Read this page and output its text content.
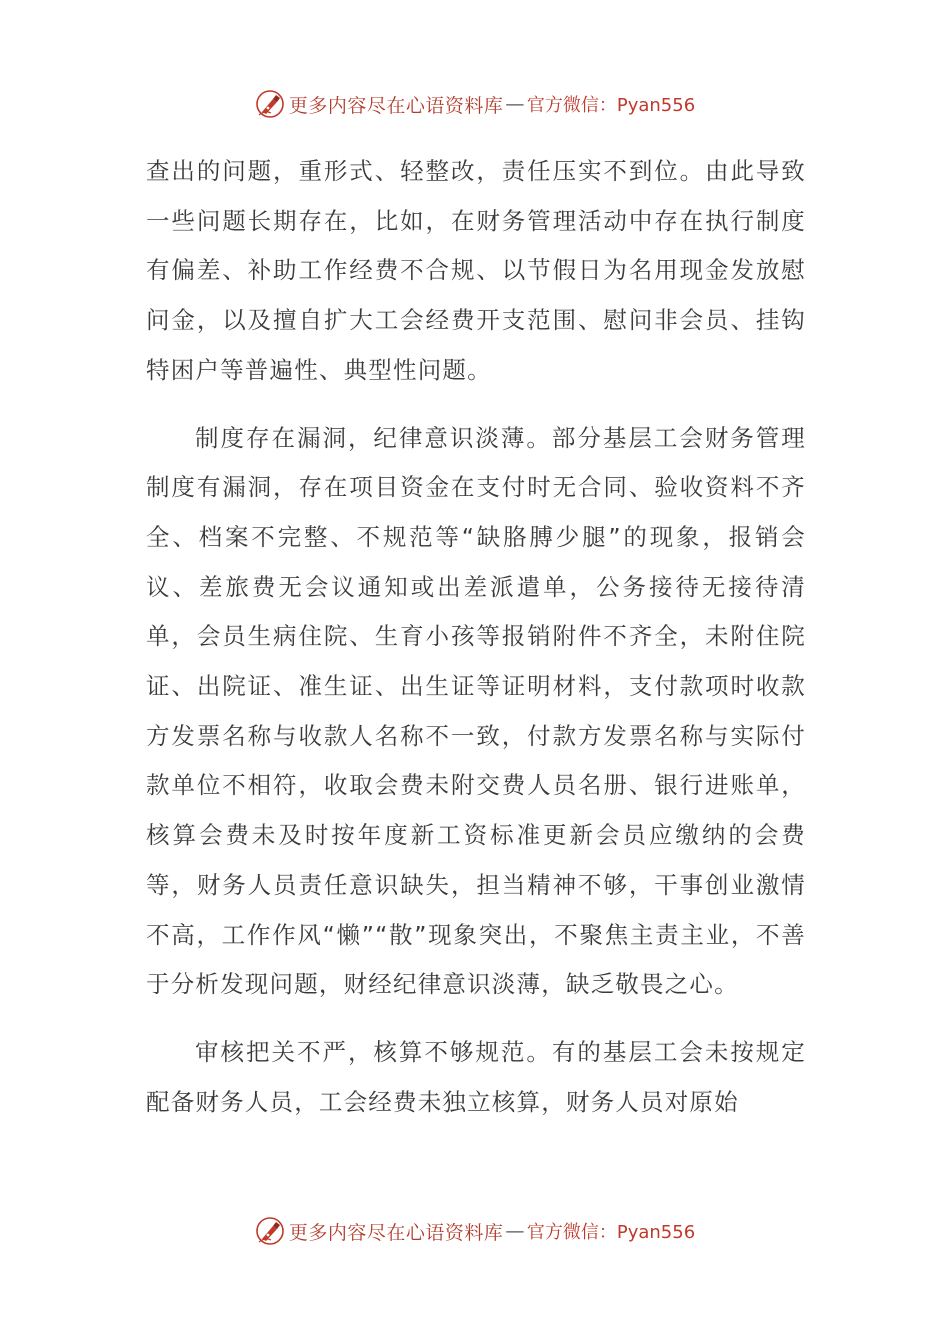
更多内容尽在心语资料库 — 官方微信：Pyan556

查出的问题，重形式、轻整改，责任压实不到位。由此导致一些问题长期存在，比如，在财务管理活动中存在执行制度有偏差、补助工作经费不合规、以节假日为名用现金发放慰问金，以及擅自扩大工会经费开支范围、慰问非会员、挂钩特困户等普遍性、典型性问题。

制度存在漏洞，纪律意识淡薄。部分基层工会财务管理制度有漏洞，存在项目资金在支付时无合同、验收资料不齐全、档案不完整、不规范等“缺胳膊少腿”的现象，报销会议、差旅费无会议通知或出差派遣单，公务接待无接待清单，会员生病住院、生育小孩等报销附件不齐全，未附住院证、出院证、准生证、出生证等证明材料，支付款项时收款方发票名称与收款人名称不一致，付款方发票名称与实际付款单位不相符，收取会费未附交费人员名册、银行进账单，核算会费未及时按年度新工资标准更新会员应缴纳的会费等，财务人员责任意识缺失，担当精神不够，干事创业激情不高，工作作风“懒”“散”现象突出，不聚焦主责主业，不善于分析发现问题，财经纪律意识淡薄，缺乏敬畏之心。

审核把关不严，核算不够规范。有的基层工会未按规定配备财务人员，工会经费未独立核算，财务人员对原始

更多内容尽在心语资料库 — 官方微信：Pyan556
